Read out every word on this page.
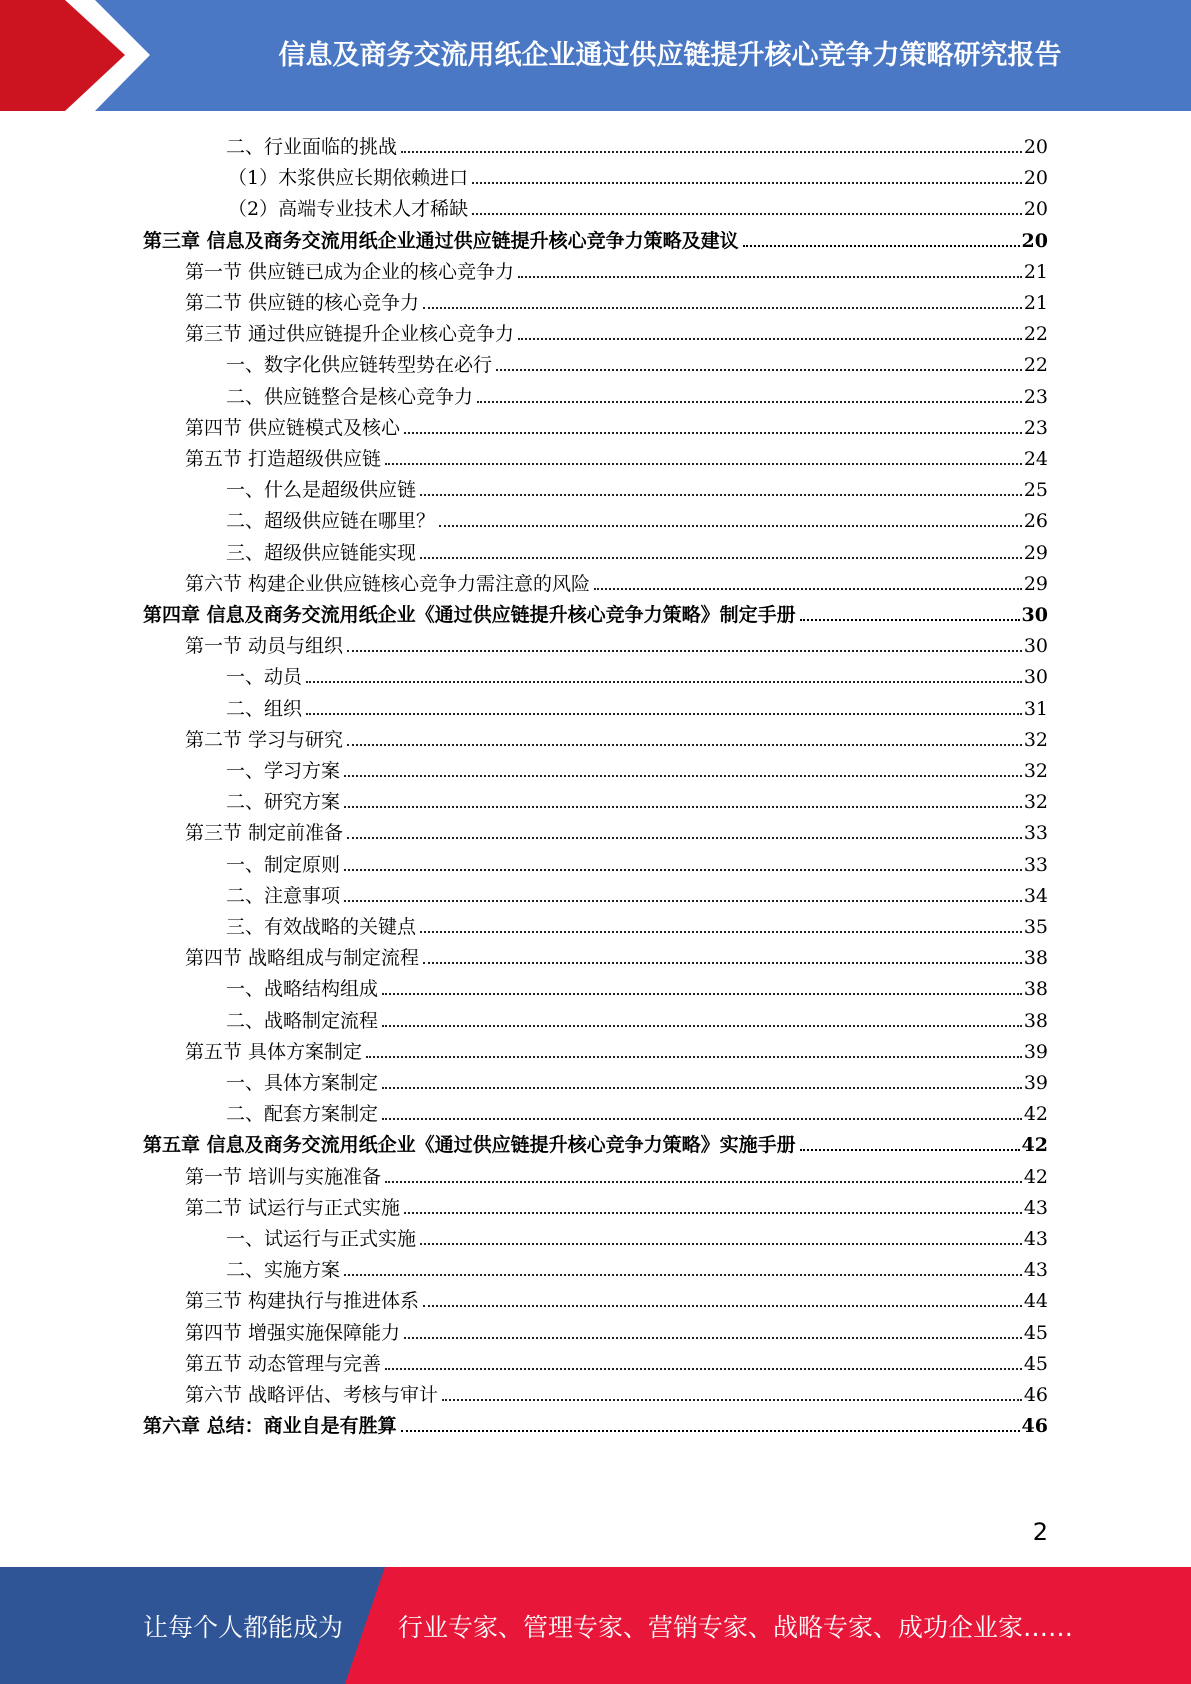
信息及商务交流用纸企业通过供应链提升核心竞争力策略研究报告
二、行业面临的挑战	20
（1）木浆供应长期依赖进口	20
（2）高端专业技术人才稀缺	20
第三章 信息及商务交流用纸企业通过供应链提升核心竞争力策略及建议	20
第一节 供应链已成为企业的核心竞争力	21
第二节 供应链的核心竞争力	21
第三节 通过供应链提升企业核心竞争力	22
一、数字化供应链转型势在必行	22
二、供应链整合是核心竞争力	23
第四节 供应链模式及核心	23
第五节 打造超级供应链	24
一、什么是超级供应链	25
二、超级供应链在哪里？	26
三、超级供应链能实现	29
第六节 构建企业供应链核心竞争力需注意的风险	29
第四章 信息及商务交流用纸企业《通过供应链提升核心竞争力策略》制定手册	30
第一节 动员与组织	30
一、动员	30
二、组织	31
第二节 学习与研究	32
一、学习方案	32
二、研究方案	32
第三节 制定前准备	33
一、制定原则	33
二、注意事项	34
三、有效战略的关键点	35
第四节 战略组成与制定流程	38
一、战略结构组成	38
二、战略制定流程	38
第五节 具体方案制定	39
一、具体方案制定	39
二、配套方案制定	42
第五章 信息及商务交流用纸企业《通过供应链提升核心竞争力策略》实施手册	42
第一节 培训与实施准备	42
第二节 试运行与正式实施	43
一、试运行与正式实施	43
二、实施方案	43
第三节 构建执行与推进体系	44
第四节 增强实施保障能力	45
第五节 动态管理与完善	45
第六节 战略评估、考核与审计	46
第六章 总结：商业自是有胜算	46
2
让每个人都能成为 行业专家、管理专家、营销专家、战略专家、成功企业家……
